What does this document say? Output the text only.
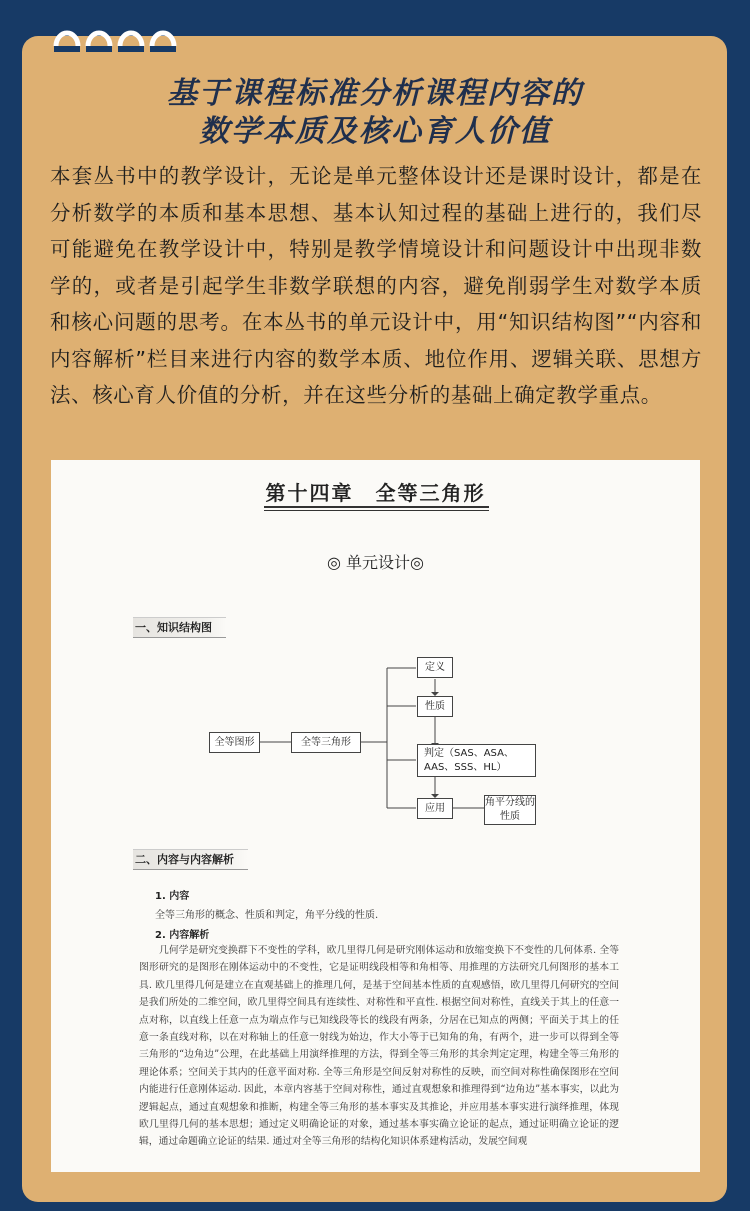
基于课程标准分析课程内容的
数学本质及核心育人价值
本套丛书中的教学设计，无论是单元整体设计还是课时设计，都是在分析数学的本质和基本思想、基本认知过程的基础上进行的，我们尽可能避免在教学设计中，特别是教学情境设计和问题设计中出现非数学的，或者是引起学生非数学联想的内容，避免削弱学生对数学本质和核心问题的思考。在本丛书的单元设计中，用“知识结构图”“内容和内容解析”栏目来进行内容的数学本质、地位作用、逻辑关联、思想方法、核心育人价值的分析，并在这些分析的基础上确定教学重点。
第十四章　全等三角形
◎ 单元设计◎
一、知识结构图
全等图形	全等三角形
定义
性质
判定（SAS、ASA、AAS、SSS、HL）
应用	角平分线的性质
二、内容与内容解析
1. 内容
全等三角形的概念、性质和判定，角平分线的性质.
2. 内容解析

几何学是研究变换群下不变性的学科，欧几里得几何是研究刚体运动和放缩变换下不变性的几何体系. 全等图形研究的是图形在刚体运动中的不变性，它是证明线段相等和角相等、用推理的方法研究几何图形的基本工具. 欧几里得几何是建立在直观基础上的推理几何，是基于空间基本性质的直观感悟，欧几里得几何研究的空间是我们所处的二维空间，欧几里得空间具有连续性、对称性和平直性. 根据空间对称性，直线关于其上的任意一点对称，以直线上任意一点为端点作与已知线段等长的线段有两条，分居在已知点的两侧；平面关于其上的任意一条直线对称，以在对称轴上的任意一射线为始边，作大小等于已知角的角，有两个，进一步可以得到全等三角形的“边角边”公理，在此基础上用演绎推理的方法，得到全等三角形的其余判定定理，构建全等三角形的理论体系；空间关于其内的任意平面对称. 全等三角形是空间反射对称性的反映，而空间对称性确保图形在空间内能进行任意刚体运动. 因此，本章内容基于空间对称性，通过直观想象和推理得到“边角边”基本事实，以此为逻辑起点，通过直观想象和推断，构建全等三角形的基本事实及其推论，并应用基本事实进行演绎推理，体现欧几里得几何的基本思想；通过定义明确论证的对象，通过基本事实确立论证的起点，通过证明确立论证的逻辑，通过命题确立论证的结果. 通过对全等三角形的结构化知识体系建构活动，发展空间观
